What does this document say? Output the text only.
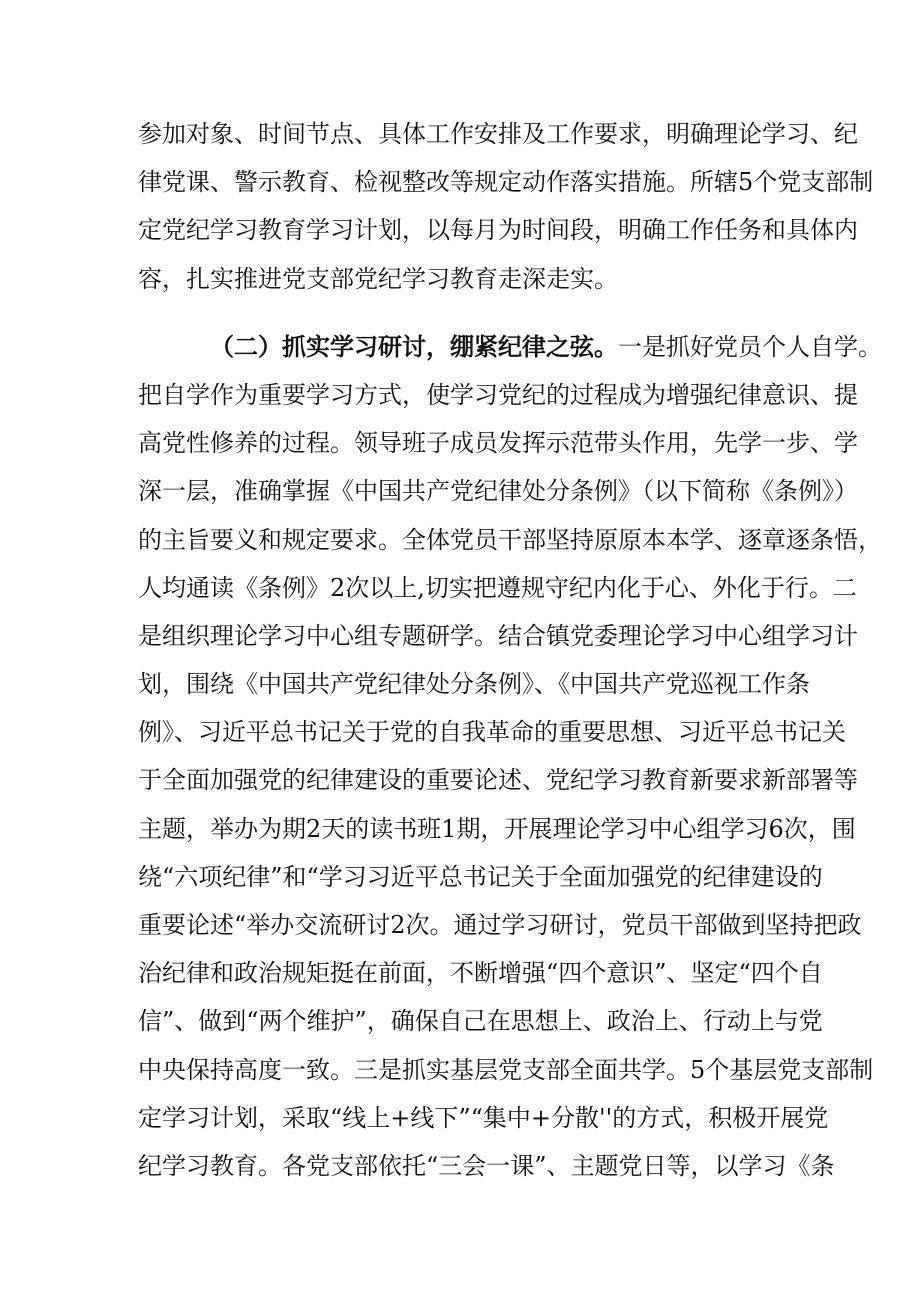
参加对象、时间节点、具体工作安排及工作要求，明确理论学习、纪
律党课、警示教育、检视整改等规定动作落实措施。所辖5个党支部制
定党纪学习教育学习计划，以每月为时间段，明确工作任务和具体内
容，扎实推进党支部党纪学习教育走深走实。
（二）抓实学习研讨，绷紧纪律之弦。一是抓好党员个人自学。
把自学作为重要学习方式，使学习党纪的过程成为增强纪律意识、提
高党性修养的过程。领导班子成员发挥示范带头作用，先学一步、学
深一层，准确掌握《中国共产党纪律处分条例》（以下简称《条例》）
的主旨要义和规定要求。全体党员干部坚持原原本本学、逐章逐条悟，
人均通读《条例》2次以上,切实把遵规守纪内化于心、外化于行。二
是组织理论学习中心组专题研学。结合镇党委理论学习中心组学习计
划，围绕《中国共产党纪律处分条例》、《中国共产党巡视工作条
例》、习近平总书记关于党的自我革命的重要思想、习近平总书记关
于全面加强党的纪律建设的重要论述、党纪学习教育新要求新部署等
主题，举办为期2天的读书班1期，开展理论学习中心组学习6次，围
绕“六项纪律”和“学习习近平总书记关于全面加强党的纪律建设的
重要论述“举办交流研讨2次。通过学习研讨，党员干部做到坚持把政
治纪律和政治规矩挺在前面，不断增强“四个意识”、坚定“四个自
信”、做到“两个维护”，确保自己在思想上、政治上、行动上与党
中央保持高度一致。三是抓实基层党支部全面共学。5个基层党支部制
定学习计划，采取“线上+线下”“集中+分散''的方式，积极开展党
纪学习教育。各党支部依托“三会一课”、主题党日等，以学习《条
